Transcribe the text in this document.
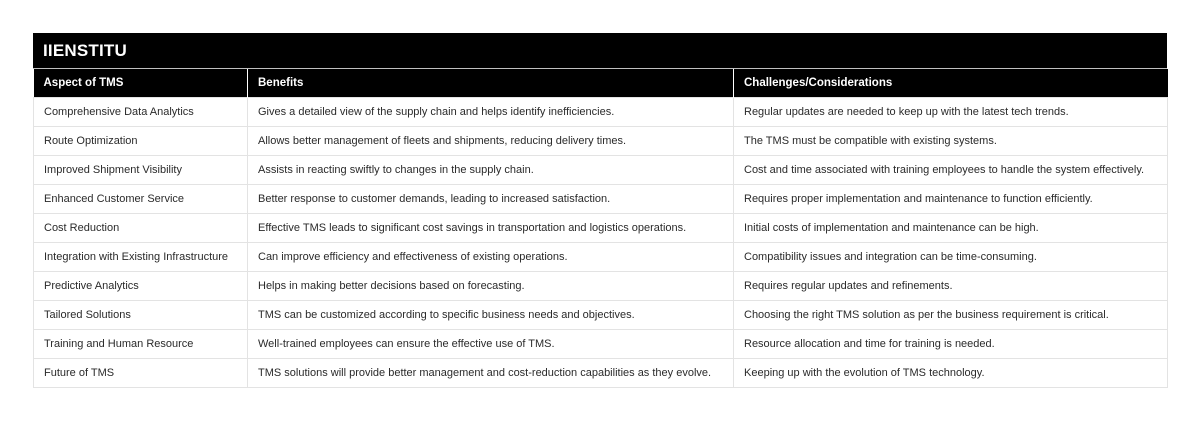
IIENSTITU
Aspect of TMS	Benefits	Challenges/Considerations
Comprehensive Data Analytics	Gives a detailed view of the supply chain and helps identify inefficiencies.	Regular updates are needed to keep up with the latest tech trends.
Route Optimization	Allows better management of fleets and shipments, reducing delivery times.	The TMS must be compatible with existing systems.
Improved Shipment Visibility	Assists in reacting swiftly to changes in the supply chain.	Cost and time associated with training employees to handle the system effectively.
Enhanced Customer Service	Better response to customer demands, leading to increased satisfaction.	Requires proper implementation and maintenance to function efficiently.
Cost Reduction	Effective TMS leads to significant cost savings in transportation and logistics operations.	Initial costs of implementation and maintenance can be high.
Integration with Existing Infrastructure	Can improve efficiency and effectiveness of existing operations.	Compatibility issues and integration can be time-consuming.
Predictive Analytics	Helps in making better decisions based on forecasting.	Requires regular updates and refinements.
Tailored Solutions	TMS can be customized according to specific business needs and objectives.	Choosing the right TMS solution as per the business requirement is critical.
Training and Human Resource	Well-trained employees can ensure the effective use of TMS.	Resource allocation and time for training is needed.
Future of TMS	TMS solutions will provide better management and cost-reduction capabilities as they evolve.	Keeping up with the evolution of TMS technology.
